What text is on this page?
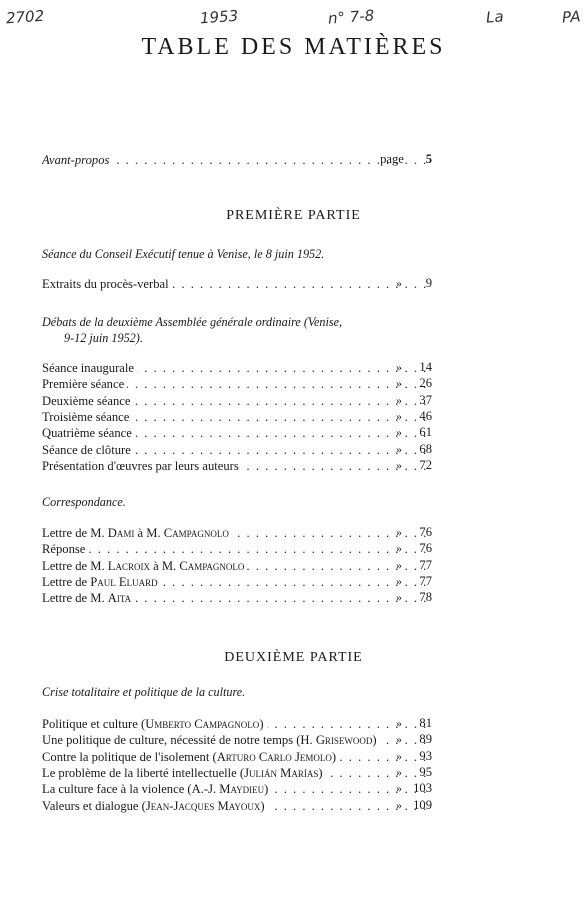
2702	1953	n° 7-8	La	PA
TABLE DES MATIÈRES
Avant-propos . . .	page	5
PREMIÈRE PARTIE
Séance du Conseil Exécutif tenue à Venise, le 8 juin 1952.
Extraits du procès-verbal . . .	»	9
Débats de la deuxième Assemblée générale ordinaire (Venise,
9-12 juin 1952).
Séance inaugurale . . .	»	14
Première séance . . .	»	26
Deuxième séance . . .	»	37
Troisième séance . . .	»	46
Quatrième séance . . .	»	61
Séance de clôture . . .	»	68
Présentation d'œuvres par leurs auteurs . . .	»	72
Correspondance.
Lettre de M. Dami à M. Campagnolo . . .	»	76
Réponse . . .	»	76
Lettre de M. Lacroix à M. Campagnolo . . .	»	77
Lettre de Paul Eluard . . .	»	77
Lettre de M. Aita . . .	»	78
DEUXIÈME PARTIE
Crise totalitaire et politique de la culture.
Politique et culture (Umberto Campagnolo) . . .	»	81
Une politique de culture, nécessité de notre temps (H. Grisewood) . . .	»	89
Contre la politique de l'isolement (Arturo Carlo Jemolo) . . .	»	93
Le problème de la liberté intellectuelle (Julián Marías) . . .	»	95
La culture face à la violence (A.-J. Maydieu) . . .	» 103
Valeurs et dialogue (Jean-Jacques Mayoux) . . .	» 109
